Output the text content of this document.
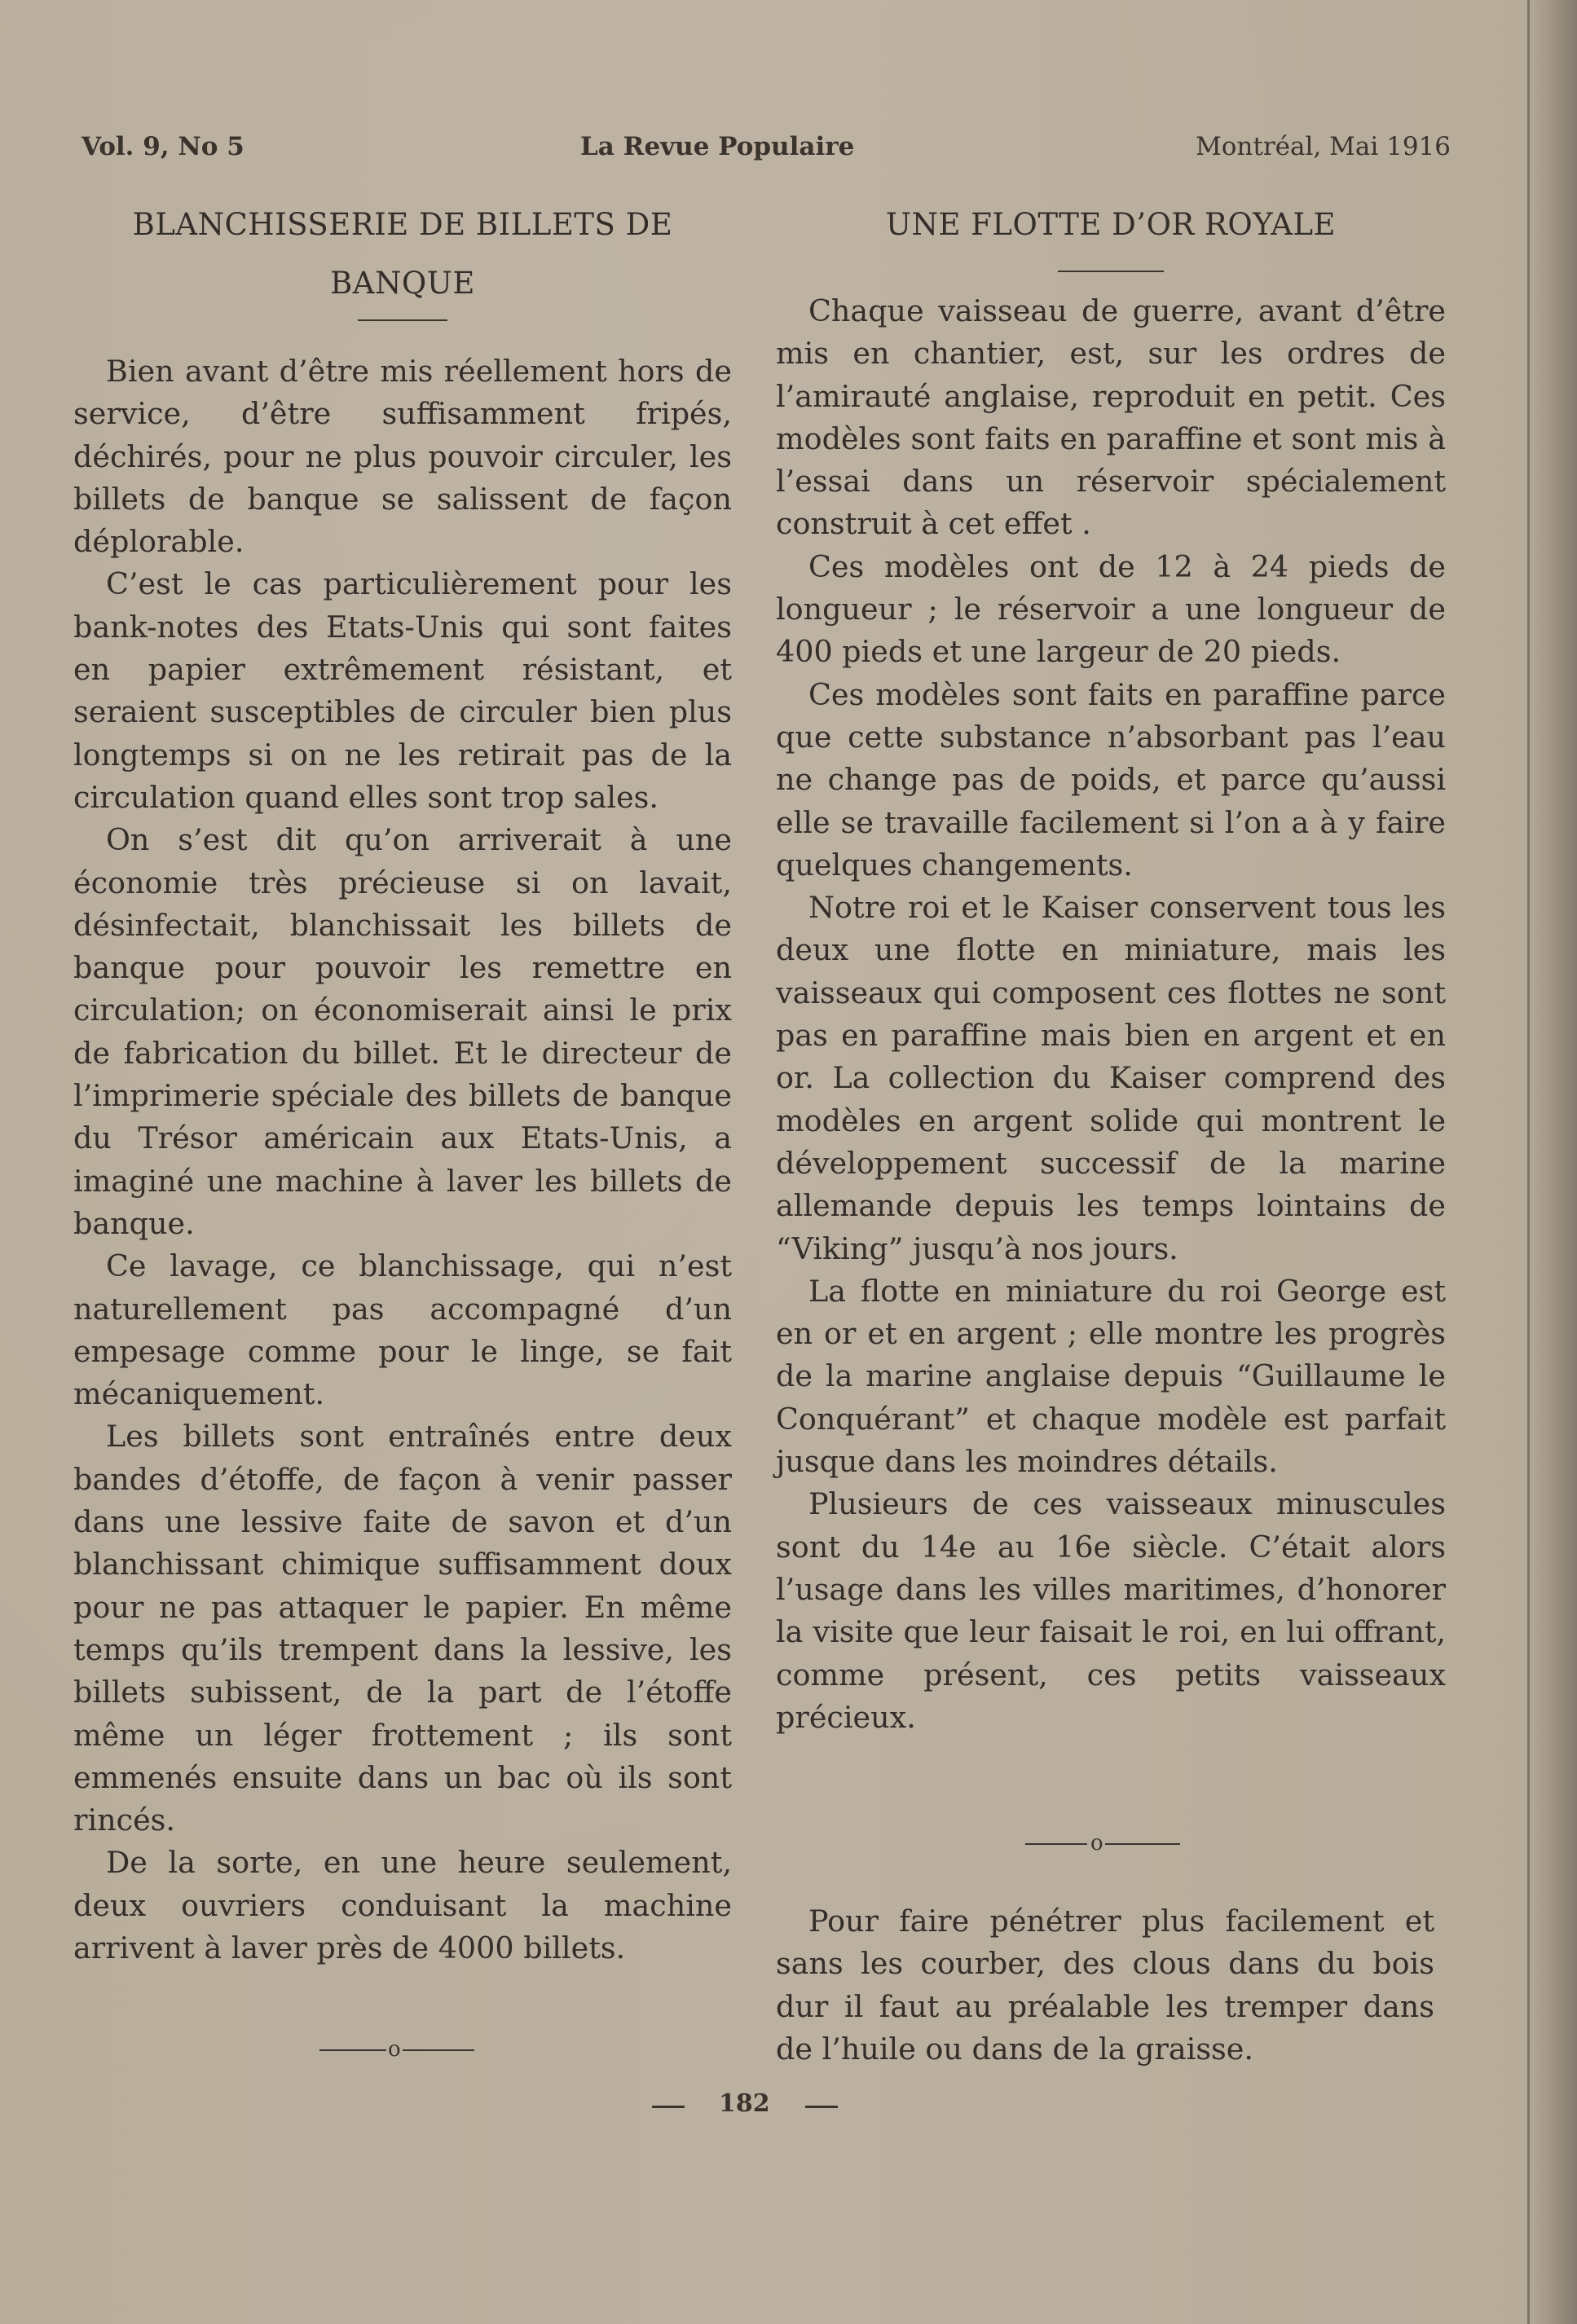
Vol. 9, No 5	La Revue Populaire	Montréal, Mai 1916
BLANCHISSERIE DE BILLETS DE
BANQUE

Bien avant d’être mis réellement hors de service, d’être suffisamment fripés, déchirés, pour ne plus pouvoir circuler, les billets de banque se salissent de façon déplorable.

C’est le cas particulièrement pour les bank-notes des Etats-Unis qui sont faites en papier extrêmement résistant, et seraient susceptibles de circuler bien plus longtemps si on ne les retirait pas de la circulation quand elles sont trop sales.

On s’est dit qu’on arriverait à une économie très précieuse si on lavait, désinfectait, blanchissait les billets de banque pour pouvoir les remettre en circulation; on économiserait ainsi le prix de fabrication du billet. Et le directeur de l’imprimerie spéciale des billets de banque du Trésor américain aux Etats-Unis, a imaginé une machine à laver les billets de banque.

Ce lavage, ce blanchissage, qui n’est naturellement pas accompagné d’un empesage comme pour le linge, se fait mécaniquement.

Les billets sont entraînés entre deux bandes d’étoffe, de façon à venir passer dans une lessive faite de savon et d’un blanchissant chimique suffisamment doux pour ne pas attaquer le papier. En même temps qu’ils trempent dans la lessive, les billets subissent, de la part de l’étoffe même un léger frottement ; ils sont emmenés ensuite dans un bac où ils sont rincés.

De la sorte, en une heure seulement, deux ouvriers conduisant la machine arrivent à laver près de 4000 billets.

UNE FLOTTE D’OR ROYALE

Chaque vaisseau de guerre, avant d’être mis en chantier, est, sur les ordres de l’amirauté anglaise, reproduit en petit. Ces modèles sont faits en paraffine et sont mis à l’essai dans un réservoir spécialement construit à cet effet .

Ces modèles ont de 12 à 24 pieds de longueur ; le réservoir a une longueur de 400 pieds et une largeur de 20 pieds.

Ces modèles sont faits en paraffine parce que cette substance n’absorbant pas l’eau ne change pas de poids, et parce qu’aussi elle se travaille facilement si l’on a à y faire quelques changements.

Notre roi et le Kaiser conservent tous les deux une flotte en miniature, mais les vaisseaux qui composent ces flottes ne sont pas en paraffine mais bien en argent et en or. La collection du Kaiser comprend des modèles en argent solide qui montrent le développement successif de la marine allemande depuis les temps lointains de “Viking” jusqu’à nos jours.

La flotte en miniature du roi George est en or et en argent ; elle montre les progrès de la marine anglaise depuis “Guillaume le Conquérant” et chaque modèle est parfait jusque dans les moindres détails.

Plusieurs de ces vaisseaux minuscules sont du 14e au 16e siècle. C’était alors l’usage dans les villes maritimes, d’honorer la visite que leur faisait le roi, en lui offrant, comme présent, ces petits vaisseaux précieux.

o

Pour faire pénétrer plus facilement et sans les courber, des clous dans du bois dur il faut au préalable les tremper dans de l’huile ou dans de la graisse.

o
182
